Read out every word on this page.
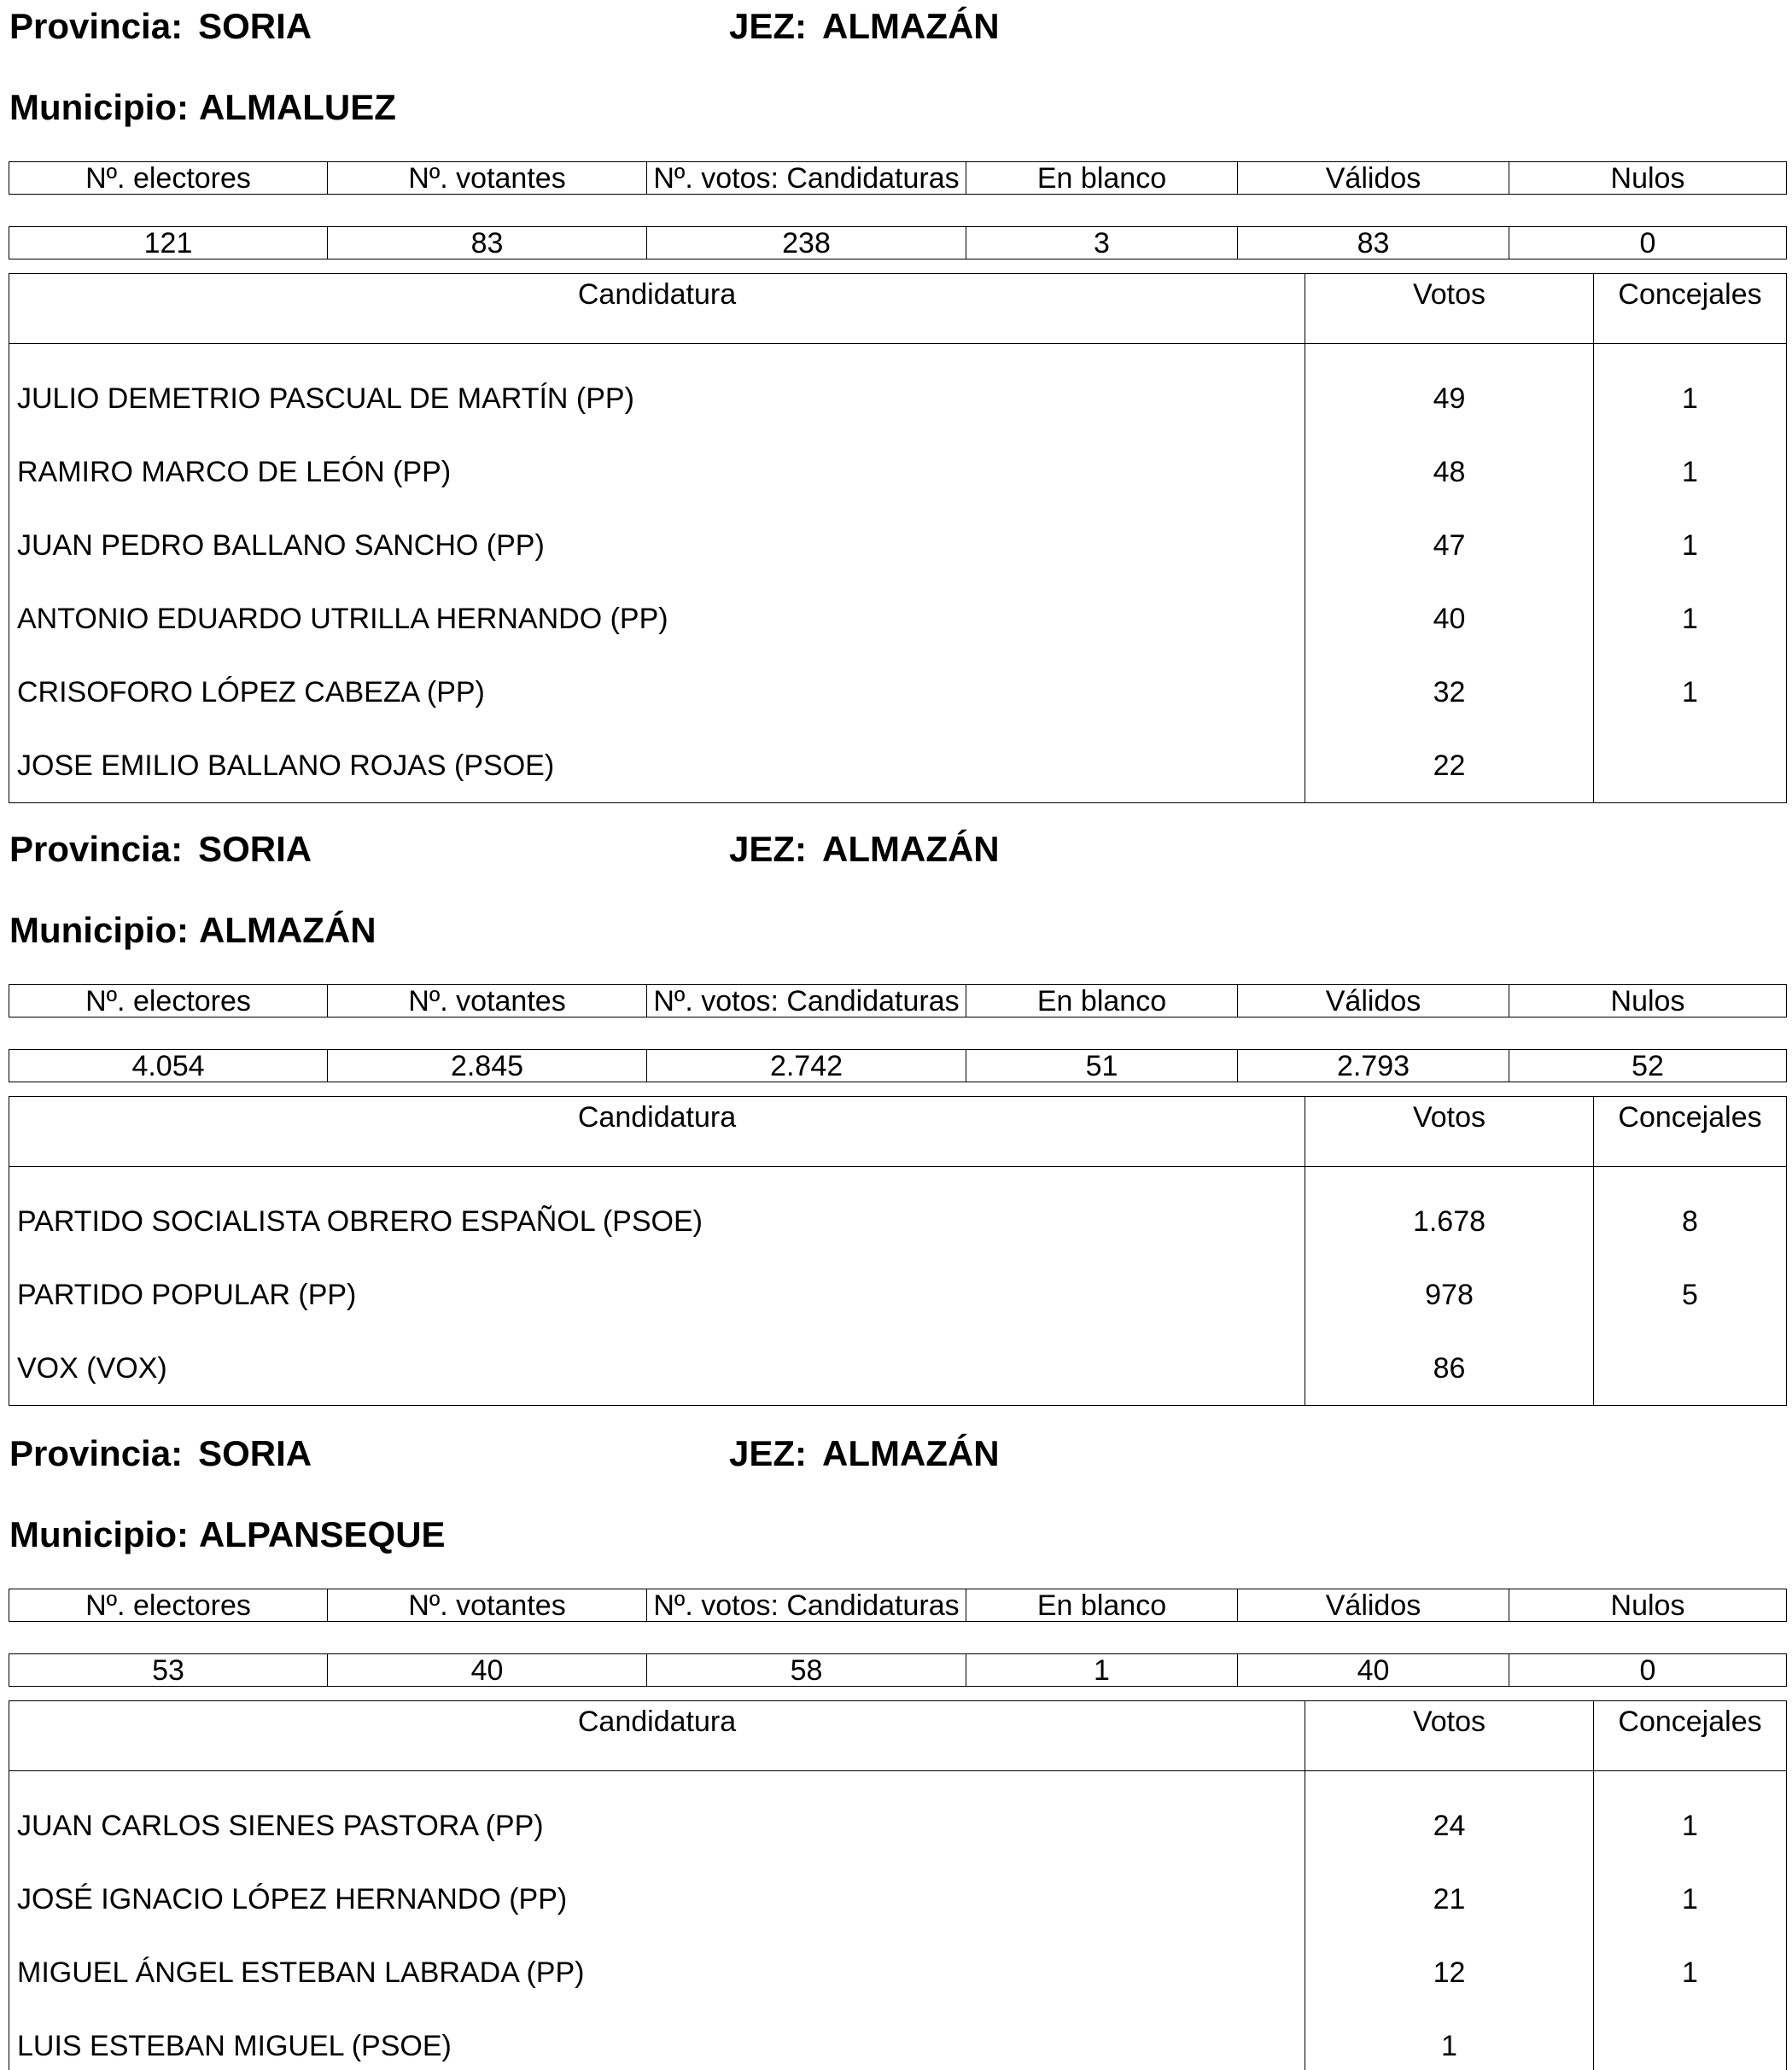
Provincia: SORIA	JEZ: ALMAZÁN
Municipio: ALMALUEZ
Nº. electores	Nº. votantes	Nº. votos: Candidaturas	En blanco	Válidos	Nulos

121	83	238	3	83	0
Candidatura	Votos	Concejales
JULIO DEMETRIO PASCUAL DE MARTÍN (PP)	49	1
RAMIRO MARCO DE LEÓN (PP)	48	1
JUAN PEDRO BALLANO SANCHO (PP)	47	1
ANTONIO EDUARDO UTRILLA HERNANDO (PP)	40	1
CRISOFORO LÓPEZ CABEZA (PP)	32	1
JOSE EMILIO BALLANO ROJAS (PSOE)	22	
Provincia: SORIA	JEZ: ALMAZÁN
Municipio: ALMAZÁN
Nº. electores	Nº. votantes	Nº. votos: Candidaturas	En blanco	Válidos	Nulos

4.054	2.845	2.742	51	2.793	52
Candidatura	Votos	Concejales
PARTIDO SOCIALISTA OBRERO ESPAÑOL (PSOE)	1.678	8
PARTIDO POPULAR (PP)	978	5
VOX (VOX)	86	
Provincia: SORIA	JEZ: ALMAZÁN
Municipio: ALPANSEQUE
Nº. electores	Nº. votantes	Nº. votos: Candidaturas	En blanco	Válidos	Nulos

53	40	58	1	40	0
Candidatura	Votos	Concejales
JUAN CARLOS SIENES PASTORA (PP)	24	1
JOSÉ IGNACIO LÓPEZ HERNANDO (PP)	21	1
MIGUEL ÁNGEL ESTEBAN LABRADA (PP)	12	1
LUIS ESTEBAN MIGUEL (PSOE)	1	
